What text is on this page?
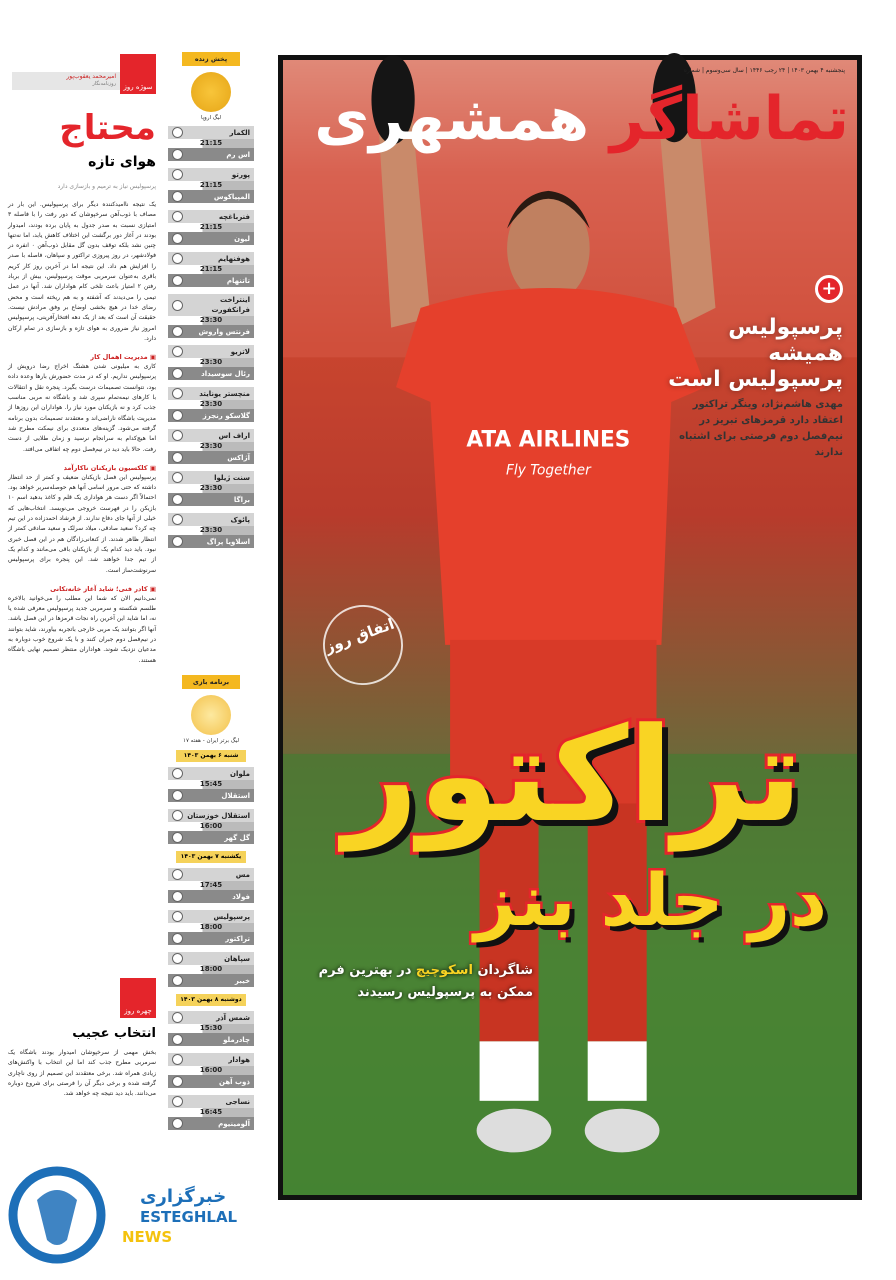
سوژه روز
امیرمحمد یعقوب‌پور
روزنامه‌نگار
محتاج
هوای تازه
پرسپولیس نیاز به ترمیم و بازسازی دارد

یک نتیجه ناامیدکننده دیگر برای پرسپولیس. این بار در مصاف با ذوب‌آهن سرخپوشان که دور رفت را با فاصله ۳ امتیازی نسبت به صدر جدول به پایان برده بودند، امیدوار بودند در آغاز دور برگشت این اختلاف کاهش یابد، اما نه‌تنها چنین نشد بلکه توقف بدون گل مقابل ذوب‌آهن ۰ انفره در فولادشهر، در روز پیروزی تراکتور و سپاهان، فاصله با صدر را افزایش هم داد. این نتیجه اما در آخرین روز کار کریم باقری به‌عنوان سرمربی موقت پرسپولیس، بیش از برباد رفتن ۲ امتیاز باعث تلخی کام هواداران شد. آنها در عمل تیمی را می‌دیدند که آشفته و به هم ریخته است و محض رضای خدا در هیچ بخشی اوضاع بر وفق مرادش نیست. حقیقت آن است که بعد از یک دهه افتخارآفرینی، پرسپولیس امروز نیاز ضروری به هوای تازه و بازسازی در تمام ارکان دارد.

▣ مدیریت اهمال کار

کاری به میلیونی شدن هشتگ اخراج رضا درویش از پرسپولیس نداریم. او که در مدت حضورش بارها وعده داده بود، نتوانست تصمیمات درست بگیرد. پنجره نقل و انتقالات با کارهای نیمه‌تمام سپری شد و باشگاه نه مربی مناسب جذب کرد و نه بازیکنان مورد نیاز را. هواداران این روزها از مدیریت باشگاه ناراضی‌اند و معتقدند تصمیمات بدون برنامه گرفته می‌شود. گزینه‌های متعددی برای نیمکت مطرح شد اما هیچ‌کدام به سرانجام نرسید و زمان طلایی از دست رفت. حالا باید دید در نیم‌فصل دوم چه اتفاقی می‌افتد.

▣ کلکسیون بازیکنان ناکارآمد

پرسپولیس این فصل بازیکنان ضعیف و کمتر از حد انتظار داشته که حتی مرور اسامی آنها هم حوصله‌سربر خواهد بود. احتمالاً اگر دست هر هواداری یک قلم و کاغذ بدهید اسم ۱۰ بازیکن را در فهرست خروجی می‌نویسد. انتخاب‌هایی که خیلی از آنها جای دفاع ندارند. از فرشاد احمدزاده در این تیم چه کرد؟ سعید صادقی، میلاد سرلک و سعید صادقی کمتر از انتظار ظاهر شدند. از کنعانی‌زادگان هم در این فصل خبری نبود. باید دید کدام یک از بازیکنان باقی می‌مانند و کدام یک از تیم جدا خواهند شد. این پنجره برای پرسپولیس سرنوشت‌ساز است.

▣ کادر فنی؛ شاید آغاز خانه‌تکانی

نمی‌دانیم الان که شما این مطلب را می‌خوانید بالاخره طلسم شکسته و سرمربی جدید پرسپولیس معرفی شده یا نه، اما شاید این آخرین راه نجات قرمزها در این فصل باشد. آنها اگر بتوانند یک مربی خارجی باتجربه بیاورند، شاید بتوانند در نیم‌فصل دوم جبران کنند و با یک شروع خوب دوباره به مدعیان نزدیک شوند. هواداران منتظر تصمیم نهایی باشگاه هستند.

چهره روز
انتخاب عجیب

بخش مهمی از سرخپوشان امیدوار بودند باشگاه یک سرمربی مطرح جذب کند اما این انتخاب با واکنش‌های زیادی همراه شد. برخی معتقدند این تصمیم از روی ناچاری گرفته شده و برخی دیگر آن را فرصتی برای شروع دوباره می‌دانند. باید دید نتیجه چه خواهد شد.

خبرگزاری
ESTEGHLAL
NEWS
پخش زنده
لیگ اروپا
الکمار
21:15
اس رم
پورتو
21:15
المپیاکوس
فنرباغچه
21:15
لیون
هوفنهایم
21:15
تاتنهام
اینتراخت فرانکفورت
23:30
فرنتس واروش
لاتزیو
23:30
رئال سوسیداد
منچستر یونایتد
23:30
گلاسکو رنجرز
اراف اس
23:30
آژاکس
سنت ژیلوا
23:30
براگا
پائوک
23:30
اسلاویا پراگ
برنامه بازی
لیگ برتر ایران - هفته ۱۷
شنبه ۶ بهمن ۱۴۰۳
ملوان
15:45
استقلال
استقلال خوزستان
16:00
گل گهر
یکشنبه ۷ بهمن ۱۴۰۳
مس
17:45
فولاد
پرسپولیس
18:00
تراکتور
سپاهان
18:00
خیبر
دوشنبه ۸ بهمن ۱۴۰۳
شمس آذر
15:30
چادرملو
هوادار
16:00
ذوب آهن
نساجی
16:45
آلومینیوم
ATA AIRLINES
Fly Together
پنجشنبه ۴ بهمن ۱۴۰۳ | ۲۴ رجب ۱۴۴۶ | سال سی‌وسوم | شماره
تماشاگر همشهری
+
پرسپولیس همیشه پرسپولیس است
مهدی هاشم‌نژاد، وینگر تراکتور اعتقاد دارد قرمزهای تبریز در نیم‌فصل دوم فرصتی برای اشتباه ندارند
اتفاق روز
تراکتور
در جلد بنز
شاگردان اسکوچیچ در بهترین فرم ممکن به پرسپولیس رسیدند
